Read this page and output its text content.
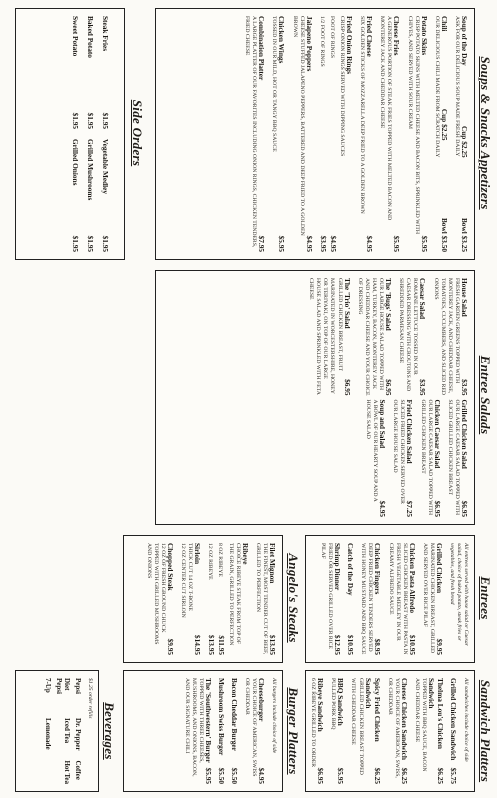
Soups & Snacks Appetizers
Soup of the Day
Cup $2.25
Bowl $3.25
ASK FOR OUR DELICIOUS SOUP MADE FRESH DAILY
Chili
Cup $2.25
Bowl $3.50
OUR DELICIOUS CHILI MADE FROM SCRATCH DAILY
Potato Skins
$5.95
CRISP POTATO SKINS WITH MELTED CHEESE AND BACON BITS, SPRINKLED WITH CHIVES, AND SERVED WITH SOUR CREAM
Cheese Fries
$5.95
A GENEROUS PORTION OF STEAK FRIES TOPPED WITH MELTED BACON AND MONTEREY JACK AND CHEDDAR CHEESE
Fried Cheese
$4.95
SIX GOLDEN STICKS OF MOZZARELLA DEEP FRIED TO A GOLDEN BROWN
Fried Onion Rings
CRISP ONION RINGS SERVED WITH DIPPING SAUCES
FOOT OF RINGS
$4.95
1/2 FOOT OF RINGS
$3.95
Jalapeno Poppers
$4.95
CHEESE STUFFED JALAPENO PEPPERS, BATTERED AND DEEP FRIED TO A GOLDEN BROWN
Chicken Wings
$5.95
TOSSED IN OUR MILD, HOT OR TANGY BBQ SAUCE
Combination Platter
$7.95
A LARGE PLATTER OF OUR FAVORITES INCLUDING ONION RINGS, CHICKEN TENDERS, FRIED CHEESE
Side Orders
Steak Fries
$1.95
Vegetable Medley
$1.95
Baked Potato
$1.95
Grilled Mushrooms
$1.95
Sweet Potato
$1.95
Grilled Onions
$1.95
Entree Salads
House Salad
$3.95
FRESH GARDEN GREENS TOPPED WITH MONTEREY JACK, AND CHEDDAR CHEESE, TOMATOES, CUCUMBERS, AND SLICED RED ONIONS
Caesar Salad
$3.95
ROMAINE LETTUCE TOSSED IN OUR CAESAR DRESSING WITH CROUTONS AND SHREDDED PARMESAN CHEESE
The 'Bugs' Salad
$6.95
OUR LARGE HOUSE SALAD TOPPED WITH HAM, TURKEY, BACON, MONTEREY JACK AND CHEDDAR CHEESE AND YOUR CHOICE OF DRESSING
The 'Trio' Salad
$6.95
GRILLED CHICKEN BREAST, FRUIT MARINATED IN WORCESTERSHIRE, HONEY OR TERIYAKI, ON TOP OF OUR LARGE HOUSE SALAD AND SPRINKLED WITH FETA CHEESE
Grilled Chicken Salad
$6.95
OUR LARGE CAESAR SALAD TOPPED WITH SLICED GRILLED CHICKEN BREAST
Chicken Caesar Salad
$6.95
OUR LARGE CAESAR SALAD TOPPED WITH GRILLED CHICKEN BREAST
Fried Chicken Salad
$7.25
SLICED FRIED CHICKEN SERVED OVER OUR LARGE HOUSE SALAD
Soup and Salad
$4.95
A BOWL OF OUR HEARTY SOUP AND A HOUSE SALAD
Entrees
All entrees served with house salad or Caesar salad, choice of baked potato, steak fries or vegetables, and fresh bread
Grilled Chicken
$9.95
MARINATED CHICKEN BREAST, GRILLED AND SERVED OVER RICE PILAF
Chicken Pasta Alfredo
$10.95
SLICED CHICKEN BREAST WITH PASTA IN FRESH VEGETABLE MEDLEY IN OUR CREAMY ALFREDO SAUCE
Chicken Fingers
$8.95
DEEP FRIED CHICKEN TENDERS SERVED WITH HONEY MUSTARD AND BBQ SAUCE
Catch of the Day
$10.95
Shrimp Dinner
$12.95
FRIED OR SERVED GRILLED OVER RICE PILAF
Angelo's Steaks
Filet Mignon
$13.95
THE FINEST, MOST TENDER CUT OF BEEF, GRILLED TO PERFECTION
Ribeye
CHOICE RIBEYE STEAK FROM TOP OF THE GRAIN, GRILLED TO PERFECTION
8 OZ RIBEYE
$11.95
12 OZ RIBEYE
$13.95
Sirloin
$14.95
THICK CUT 14 OZ T-BONE
12 OZ CENTER CUT SIRLOIN
Chopped Steak
$9.95
12 OZ OF FRESH GROUND CHUCK TOPPED WITH GRILLED MUSHROOMS AND ONIONS
Sandwich Platters
All sandwiches include choice of side
Grilled Chicken Sandwich
$5.75
Thelma Lou's Chicken Sandwich
$6.25
TOPPED WITH BBQ SAUCE, BACON AND CHEDDAR CHEESE
Cheese Chicken Sandwich
$6.25
YOUR CHOICE OF AMERICAN, SWISS, OR CHEDDAR
Spicy Fried Chicken Sandwich
$6.25
GRILLED CHICKEN BREAST TOPPED WITH CHEDDAR CHEESE
BBQ Sandwich
$5.95
PULLED PORK BBQ
Ribeye Sandwich
$6.95
6 OZ RIBEYE GRILLED TO ORDER
Burger Platters
All burgers include choice of side
Cheeseburger
$4.95
YOUR CHOICE OF AMERICAN, SWISS OR CHEDDAR
Bacon Cheddar Burger
$5.50
Mushroom Swiss Burger
$5.50
The 'Southwestern' Burger
$5.95
TOPPED WITH THREE CHEESES, MUSHROOMS, AND ONIONS, BACON, AND OUR SIGNATURE CHILI
Beverages
$1.25 order refills
Pepsi
Dr. Pepper
Coffee
Diet Pepsi
Iced Tea
Hot Tea
7-Up
Lemonade
